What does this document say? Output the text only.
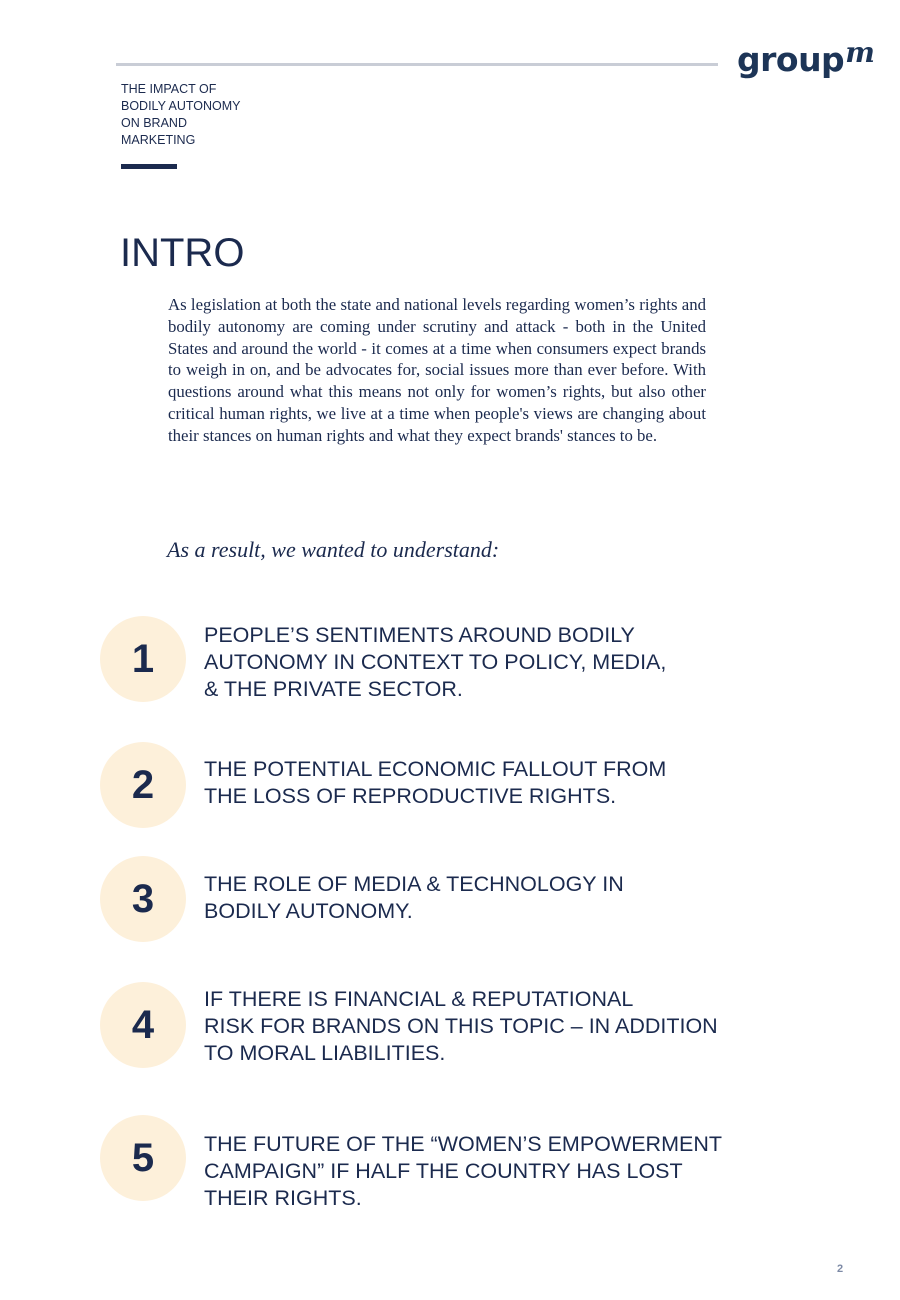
group$^m$
THE IMPACT OF
BODILY AUTONOMY
ON BRAND
MARKETING
INTRO

As legislation at both the state and national levels regarding women’s rights and bodily autonomy are coming under scrutiny and attack - both in the United States and around the world - it comes at a time when consumers expect brands to weigh in on, and be advocates for, social issues more than ever before. With questions around what this means not only for women’s rights, but also other critical human rights, we live at a time when people's views are changing about their stances on human rights and what they expect brands' stances to be.

As a result, we wanted to understand:

1
PEOPLE’S SENTIMENTS AROUND BODILY
AUTONOMY IN CONTEXT TO POLICY, MEDIA,
& THE PRIVATE SECTOR.
2	THE POTENTIAL ECONOMIC FALLOUT FROM
THE LOSS OF REPRODUCTIVE RIGHTS.
3	THE ROLE OF MEDIA & TECHNOLOGY IN
BODILY AUTONOMY.
4
IF THERE IS FINANCIAL & REPUTATIONAL
RISK FOR BRANDS ON THIS TOPIC – IN ADDITION
TO MORAL LIABILITIES.
5	THE FUTURE OF THE “WOMEN’S EMPOWERMENT
CAMPAIGN” IF HALF THE COUNTRY HAS LOST
THEIR RIGHTS.
2
